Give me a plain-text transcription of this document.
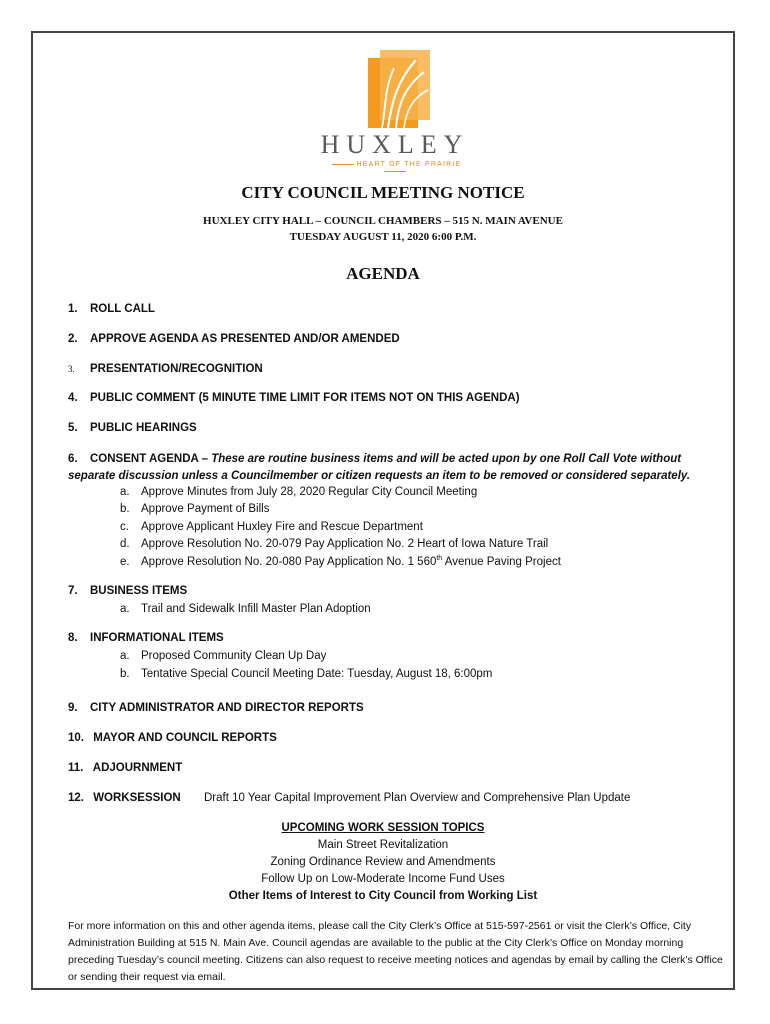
HUXLEY
HEART OF THE PRAIRIE
CITY COUNCIL MEETING NOTICE
HUXLEY CITY HALL – COUNCIL CHAMBERS – 515 N. MAIN AVENUE
TUESDAY AUGUST 11, 2020 6:00 P.M.
AGENDA
1. ROLL CALL
2. APPROVE AGENDA AS PRESENTED AND/OR AMENDED
3. PRESENTATION/RECOGNITION
4. PUBLIC COMMENT (5 MINUTE TIME LIMIT FOR ITEMS NOT ON THIS AGENDA)
5. PUBLIC HEARINGS
6. CONSENT AGENDA – These are routine business items and will be acted upon by one Roll Call Vote without separate discussion unless a Councilmember or citizen requests an item to be removed or considered separately.
a. Approve Minutes from July 28, 2020 Regular City Council Meeting
b. Approve Payment of Bills
c. Approve Applicant Huxley Fire and Rescue Department
d. Approve Resolution No. 20-079 Pay Application No. 2 Heart of Iowa Nature Trail
e. Approve Resolution No. 20-080 Pay Application No. 1 560th Avenue Paving Project
7. BUSINESS ITEMS
a. Trail and Sidewalk Infill Master Plan Adoption
8. INFORMATIONAL ITEMS
a. Proposed Community Clean Up Day
b. Tentative Special Council Meeting Date: Tuesday, August 18, 6:00pm
9. CITY ADMINISTRATOR AND DIRECTOR REPORTS
10. MAYOR AND COUNCIL REPORTS
11. ADJOURNMENT
12. WORKSESSION Draft 10 Year Capital Improvement Plan Overview and Comprehensive Plan Update
UPCOMING WORK SESSION TOPICS
Main Street Revitalization
Zoning Ordinance Review and Amendments
Follow Up on Low-Moderate Income Fund Uses
Other Items of Interest to City Council from Working List
For more information on this and other agenda items, please call the City Clerk’s Office at 515-597-2561 or visit the Clerk’s Office, City Administration Building at 515 N. Main Ave. Council agendas are available to the public at the City Clerk’s Office on Monday morning preceding Tuesday’s council meeting. Citizens can also request to receive meeting notices and agendas by email by calling the Clerk’s Office or sending their request via email.
